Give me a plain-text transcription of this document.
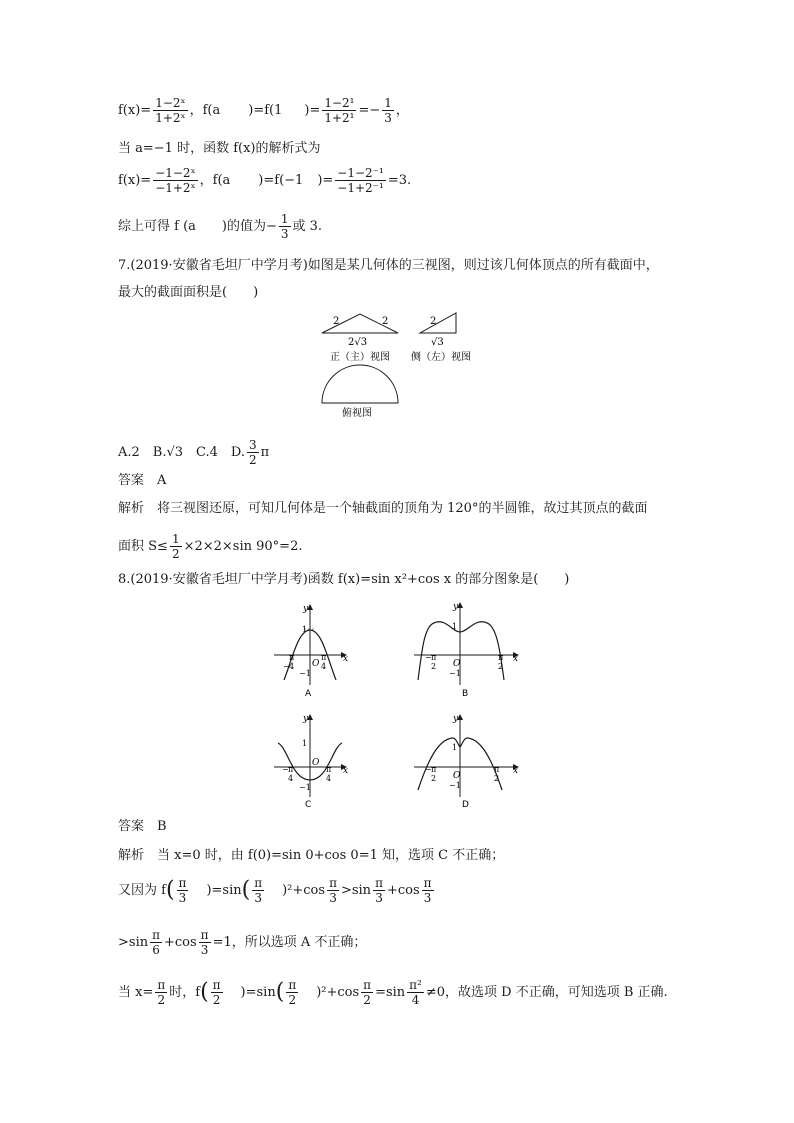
$f(x)= \frac{\text{1−2ˣ}}{\text{1+2ˣ}}$ ，f(a )=f(1 )= $\frac{\text{1−2¹}}{\text{1+2¹}} =- \frac{1}{3}$ ，
当 a=−1 时，函数 f(x)的解析式为
$f(x)= \frac{\text{−1−2ˣ}}{\text{−1+2ˣ}}$ ，f(a )=f(−1 )= $\frac{\text{−1−2⁻¹}}{\text{−1+2⁻¹}} =3$.
综上可得 f (a )的值为− $\frac{1}{3}$ 或 3.
7.(2019·安徽省毛坦厂中学月考)如图是某几何体的三视图，则过该几何体顶点的所有截面中，
最大的截面面积是(　　)
2	2
2√3
正（主）视图
2
√3
侧（左）视图
俯视图
A.2　B.√3　C.4　D. $\frac{3}{2}$ π
答案　A
解析　将三视图还原，可知几何体是一个轴截面的顶角为 120°的半圆锥，故过其顶点的截面
面积 $S\le \frac{1}{2} \times 2\times 2\times\sin$ 90°=2.
8.(2019·安徽省毛坦厂中学月考)函数 f(x)=sin x²+cos x 的部分图象是(　　)
y
x
O
1
−1
π
− 4
π
4
A
y
x
O
1
−1
− π
2
π
2
B
y
x
O
1
−1
− π
4
π
4
C
y
x
O
1
−1
− π
2
π
2
D
答案　B
解析　当 x=0 时，由 f(0)=sin 0+cos 0=1 知，选项 C 不正确；
又因为 $f( \frac{\pi}{3} )=\sin( \frac{\pi}{3} )^2+\cos \frac{\pi}{3} >\sin \frac{\pi}{3} +\cos \frac{\pi}{3}$
$>\sin \frac{\pi}{6} +\cos \frac{\pi}{3} =1$，所以选项 A 不正确；
当 $x= \frac{\pi}{2}$ 时，$f( \frac{\pi}{2} )=\sin( \frac{\pi}{2} )^2+\cos \frac{\pi}{2} =\sin \frac{\text{π²}}{4} \ne 0$，故选项 D 不正确，可知选项 B 正确.
